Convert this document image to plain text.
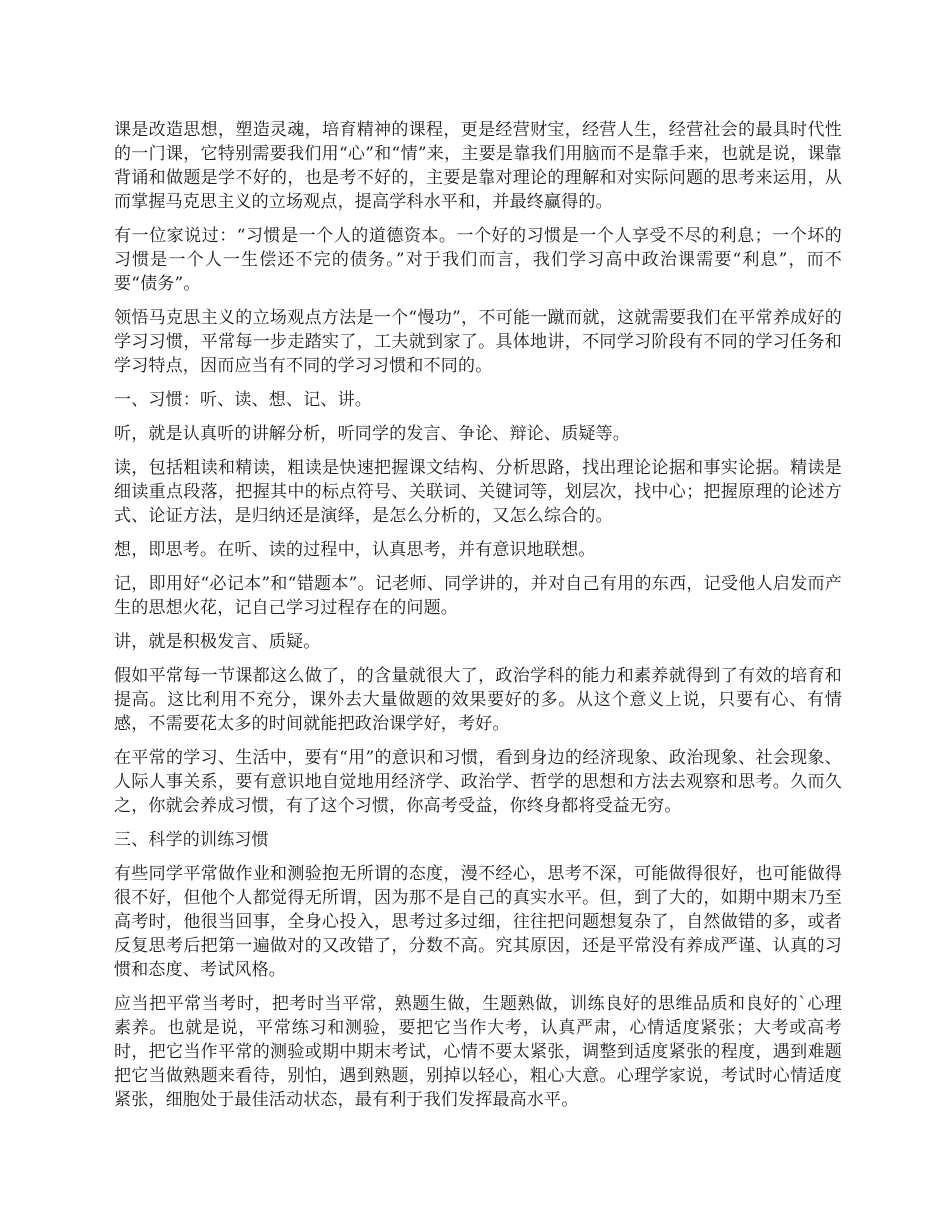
课是改造思想，塑造灵魂，培育精神的课程，更是经营财宝，经营人生，经营社会的最具时代性的一门课，它特别需要我们用“心”和“情”来，主要是靠我们用脑而不是靠手来，也就是说，课靠背诵和做题是学不好的，也是考不好的，主要是靠对理论的理解和对实际问题的思考来运用，从而掌握马克思主义的立场观点，提高学科水平和，并最终赢得的。

有一位家说过：“习惯是一个人的道德资本。一个好的习惯是一个人享受不尽的利息；一个坏的习惯是一个人一生偿还不完的债务。”对于我们而言，我们学习高中政治课需要“利息”，而不要“债务”。

领悟马克思主义的立场观点方法是一个“慢功”，不可能一蹴而就，这就需要我们在平常养成好的学习习惯，平常每一步走踏实了，工夫就到家了。具体地讲，不同学习阶段有不同的学习任务和学习特点，因而应当有不同的学习习惯和不同的。

一、习惯：听、读、想、记、讲。

听，就是认真听的讲解分析，听同学的发言、争论、辩论、质疑等。

读，包括粗读和精读，粗读是快速把握课文结构、分析思路，找出理论论据和事实论据。精读是细读重点段落，把握其中的标点符号、关联词、关键词等，划层次，找中心；把握原理的论述方式、论证方法，是归纳还是演绎，是怎么分析的，又怎么综合的。

想，即思考。在听、读的过程中，认真思考，并有意识地联想。

记，即用好“必记本”和“错题本”。记老师、同学讲的，并对自己有用的东西，记受他人启发而产生的思想火花，记自己学习过程存在的问题。

讲，就是积极发言、质疑。

假如平常每一节课都这么做了，的含量就很大了，政治学科的能力和素养就得到了有效的培育和提高。这比利用不充分，课外去大量做题的效果要好的多。从这个意义上说，只要有心、有情感，不需要花太多的时间就能把政治课学好，考好。

在平常的学习、生活中，要有“用”的意识和习惯，看到身边的经济现象、政治现象、社会现象、人际人事关系，要有意识地自觉地用经济学、政治学、哲学的思想和方法去观察和思考。久而久之，你就会养成习惯，有了这个习惯，你高考受益，你终身都将受益无穷。

三、科学的训练习惯

有些同学平常做作业和测验抱无所谓的态度，漫不经心，思考不深，可能做得很好，也可能做得很不好，但他个人都觉得无所谓，因为那不是自己的真实水平。但，到了大的，如期中期末乃至高考时，他很当回事，全身心投入，思考过多过细，往往把问题想复杂了，自然做错的多，或者反复思考后把第一遍做对的又改错了，分数不高。究其原因，还是平常没有养成严谨、认真的习惯和态度、考试风格。

应当把平常当考时，把考时当平常，熟题生做，生题熟做，训练良好的思维品质和良好的`心理素养。也就是说，平常练习和测验，要把它当作大考，认真严肃，心情适度紧张；大考或高考时，把它当作平常的测验或期中期末考试，心情不要太紧张，调整到适度紧张的程度，遇到难题把它当做熟题来看待，别怕，遇到熟题，别掉以轻心，粗心大意。心理学家说，考试时心情适度紧张，细胞处于最佳活动状态，最有利于我们发挥最高水平。
